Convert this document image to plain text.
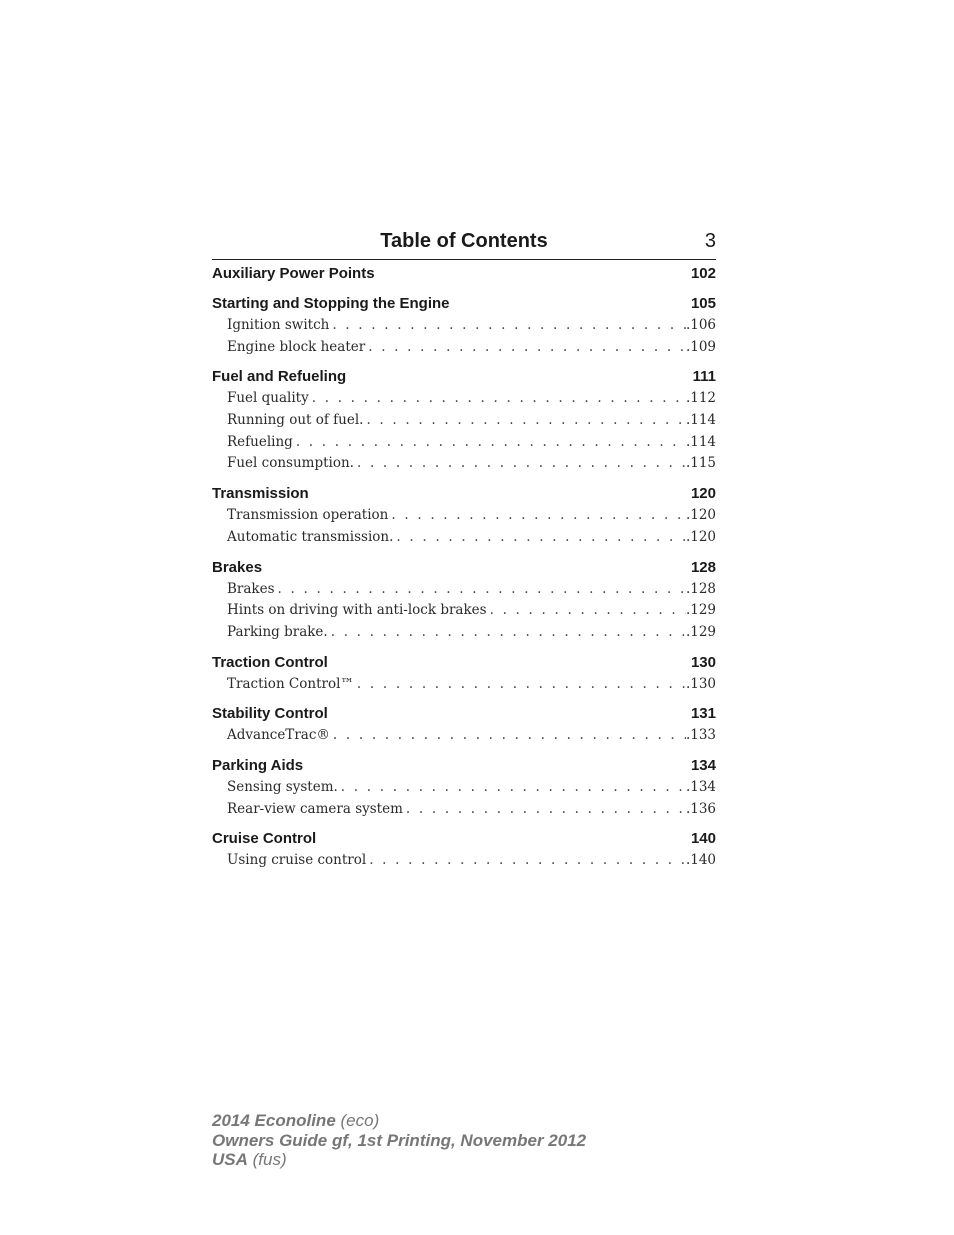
Table of Contents	3
Auxiliary Power Points	102
Starting and Stopping the Engine	105
Ignition switch . . .	.106
Engine block heater . . .	.109
Fuel and Refueling	111
Fuel quality . . .	.112
Running out of fuel. . . .	.114
Refueling . . .	.114
Fuel consumption. . . .	.115
Transmission	120
Transmission operation . . .	.120
Automatic transmission. . . .	.120
Brakes	128
Brakes . . .	.128
Hints on driving with anti-lock brakes . . .	.129
Parking brake. . . .	.129
Traction Control	130
Traction Control™ . . .	.130
Stability Control	131
AdvanceTrac® . . .	.133
Parking Aids	134
Sensing system. . . .	.134
Rear-view camera system . . .	.136
Cruise Control	140
Using cruise control . . .	.140
2014 Econoline (eco)
Owners Guide gf, 1st Printing, November 2012
USA (fus)
